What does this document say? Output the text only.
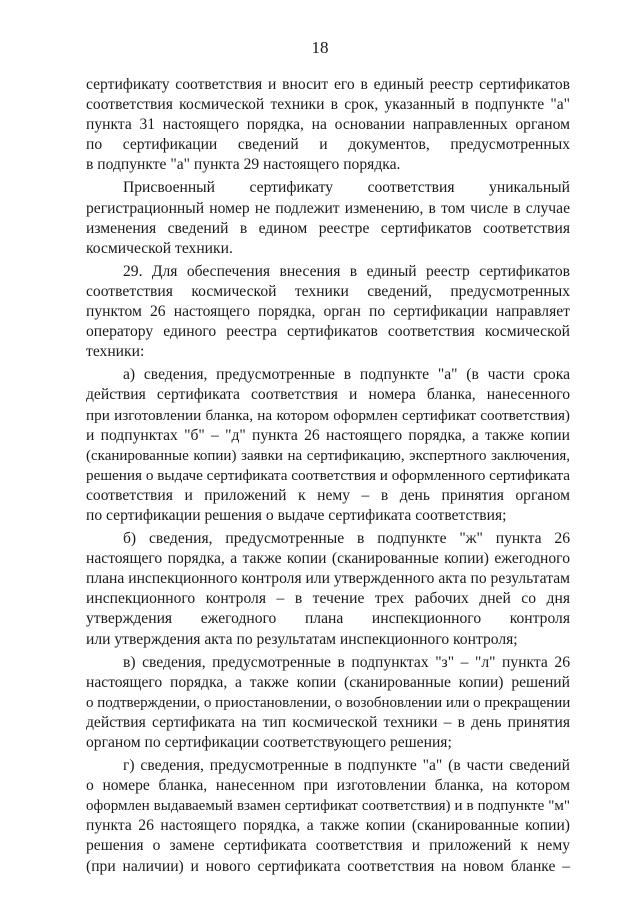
18
сертификату соответствия и вносит его в единый реестр сертификатов
соответствия космической техники в срок, указанный в подпункте "а"
пункта 31 настоящего порядка, на основании направленных органом
по сертификации сведений и документов, предусмотренных
в подпункте "а" пункта 29 настоящего порядка.
Присвоенный сертификату соответствия уникальный
регистрационный номер не подлежит изменению, в том числе в случае
изменения сведений в едином реестре сертификатов соответствия
космической техники.
29. Для обеспечения внесения в единый реестр сертификатов
соответствия космической техники сведений, предусмотренных
пунктом 26 настоящего порядка, орган по сертификации направляет
оператору единого реестра сертификатов соответствия космической
техники:
а) сведения, предусмотренные в подпункте "а" (в части срока
действия сертификата соответствия и номера бланка, нанесенного
при изготовлении бланка, на котором оформлен сертификат соответствия)
и подпунктах "б" – "д" пункта 26 настоящего порядка, а также копии
(сканированные копии) заявки на сертификацию, экспертного заключения,
решения о выдаче сертификата соответствия и оформленного сертификата
соответствия и приложений к нему – в день принятия органом
по сертификации решения о выдаче сертификата соответствия;
б) сведения, предусмотренные в подпункте "ж" пункта 26
настоящего порядка, а также копии (сканированные копии) ежегодного
плана инспекционного контроля или утвержденного акта по результатам
инспекционного контроля – в течение трех рабочих дней со дня
утверждения ежегодного плана инспекционного контроля
или утверждения акта по результатам инспекционного контроля;
в) сведения, предусмотренные в подпунктах "з" – "л" пункта 26
настоящего порядка, а также копии (сканированные копии) решений
о подтверждении, о приостановлении, о возобновлении или о прекращении
действия сертификата на тип космической техники – в день принятия
органом по сертификации соответствующего решения;
г) сведения, предусмотренные в подпункте "а" (в части сведений
о номере бланка, нанесенном при изготовлении бланка, на котором
оформлен выдаваемый взамен сертификат соответствия) и в подпункте "м"
пункта 26 настоящего порядка, а также копии (сканированные копии)
решения о замене сертификата соответствия и приложений к нему
(при наличии) и нового сертификата соответствия на новом бланке –
